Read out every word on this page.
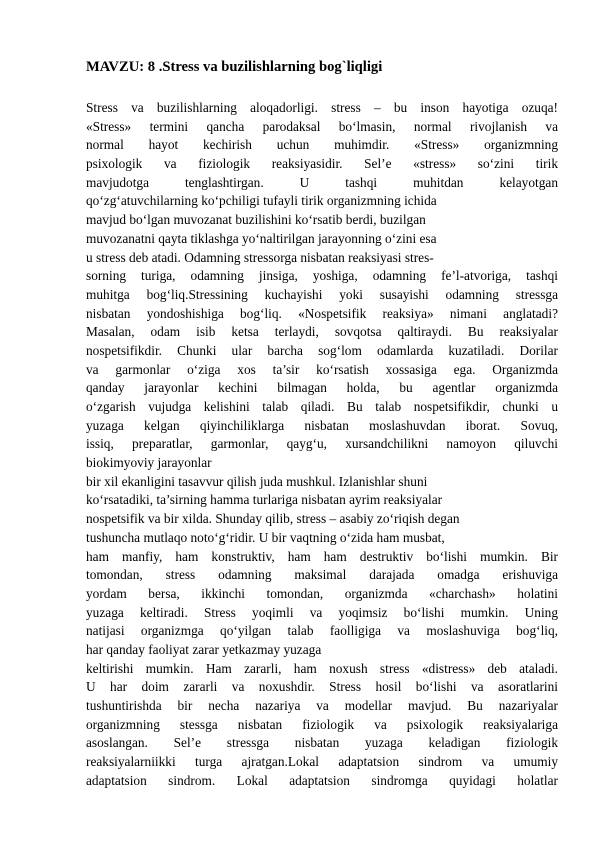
MAVZU: 8 .Stress va buzilishlarning bog`liqligi
Stress va buzilishlarning aloqadorligi. stress – bu inson hayotiga ozuqa!
«Stress» termini qancha parodaksal bo‘lmasin, normal rivojlanish va
normal hayot kechirish uchun muhimdir. «Stress» organizmning
psixologik va fiziologik reaksiyasidir. Sel’e «stress» so‘zini tirik
mavjudotga tenglashtirgan. U tashqi muhitdan kelayotgan
qo‘zg‘atuvchilarning ko‘pchiligi tufayli tirik organizmning ichida
mavjud bo‘lgan muvozanat buzilishini ko‘rsatib berdi, buzilgan
muvozanatni qayta tiklashga yo‘naltirilgan jarayonning o‘zini esa
u stress deb atadi. Odamning stressorga nisbatan reaksiyasi stres-
sorning turiga, odamning jinsiga, yoshiga, odamning fe’l-atvoriga, tashqi
muhitga bog‘liq.Stressining kuchayishi yoki susayishi odamning stressga
nisbatan yondoshishiga bog‘liq. «Nospetsifik reaksiya» nimani anglatadi?
Masalan, odam isib ketsa terlaydi, sovqotsa qaltiraydi. Bu reaksiyalar
nospetsifikdir. Chunki ular barcha sog‘lom odamlarda kuzatiladi. Dorilar
va garmonlar o‘ziga xos ta’sir ko‘rsatish xossasiga ega. Organizmda
qanday jarayonlar kechini bilmagan holda, bu agentlar organizmda
o‘zgarish vujudga kelishini talab qiladi. Bu talab nospetsifikdir, chunki u
yuzaga kelgan qiyinchiliklarga nisbatan moslashuvdan iborat. Sovuq,
issiq, preparatlar, garmonlar, qayg‘u, xursandchilikni namoyon qiluvchi
biokimyoviy jarayonlar
bir xil ekanligini tasavvur qilish juda mushkul. Izlanishlar shuni
ko‘rsatadiki, ta’sirning hamma turlariga nisbatan ayrim reaksiyalar
nospetsifik va bir xilda. Shunday qilib, stress – asabiy zo‘riqish degan
tushuncha mutlaqo noto‘g‘ridir. U bir vaqtning o‘zida ham musbat,
ham manfiy, ham konstruktiv, ham ham destruktiv bo‘lishi mumkin. Bir
tomondan, stress odamning maksimal darajada omadga erishuviga
yordam bersa, ikkinchi tomondan, organizmda «charchash» holatini
yuzaga keltiradi. Stress yoqimli va yoqimsiz bo‘lishi mumkin. Uning
natijasi organizmga qo‘yilgan talab faolligiga va moslashuviga bog‘liq,
har qanday faoliyat zarar yetkazmay yuzaga
keltirishi mumkin. Ham zararli, ham noxush stress «distress» deb ataladi.
U har doim zararli va noxushdir. Stress hosil bo‘lishi va asoratlarini
tushuntirishda bir necha nazariya va modellar mavjud. Bu nazariyalar
organizmning stessga nisbatan fiziologik va psixologik reaksiyalariga
asoslangan. Sel’e stressga nisbatan yuzaga keladigan fiziologik
reaksiyalarniikki turga ajratgan.Lokal adaptatsion sindrom va umumiy
adaptatsion sindrom. Lokal adaptatsion sindromga quyidagi holatlar
